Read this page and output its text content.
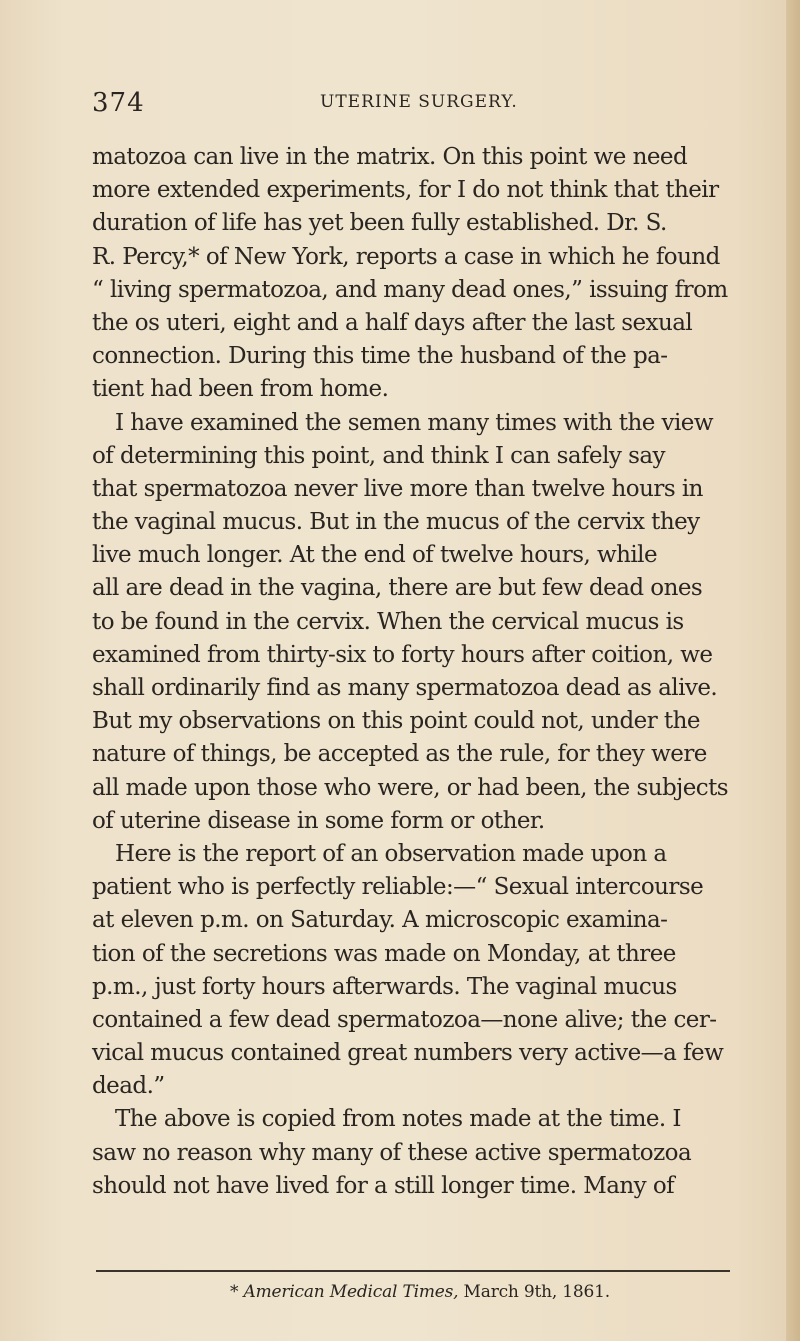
374	UTERINE SURGERY.
matozoa can live in the matrix. On this point we need
more extended experiments, for I do not think that their
duration of life has yet been fully established. Dr. S.
R. Percy,* of New York, reports a case in which he found
“ living spermatozoa, and many dead ones,” issuing from
the os uteri, eight and a half days after the last sexual
connection. During this time the husband of the pa-
tient had been from home.
I have examined the semen many times with the view
of determining this point, and think I can safely say
that spermatozoa never live more than twelve hours in
the vaginal mucus. But in the mucus of the cervix they
live much longer. At the end of twelve hours, while
all are dead in the vagina, there are but few dead ones
to be found in the cervix. When the cervical mucus is
examined from thirty-six to forty hours after coition, we
shall ordinarily find as many spermatozoa dead as alive.
But my observations on this point could not, under the
nature of things, be accepted as the rule, for they were
all made upon those who were, or had been, the subjects
of uterine disease in some form or other.
Here is the report of an observation made upon a
patient who is perfectly reliable:—“ Sexual intercourse
at eleven p.m. on Saturday. A microscopic examina-
tion of the secretions was made on Monday, at three
p.m., just forty hours afterwards. The vaginal mucus
contained a few dead spermatozoa—none alive; the cer-
vical mucus contained great numbers very active—a few
dead.”
The above is copied from notes made at the time. I
saw no reason why many of these active spermatozoa
should not have lived for a still longer time. Many of
* American Medical Times, March 9th, 1861.
